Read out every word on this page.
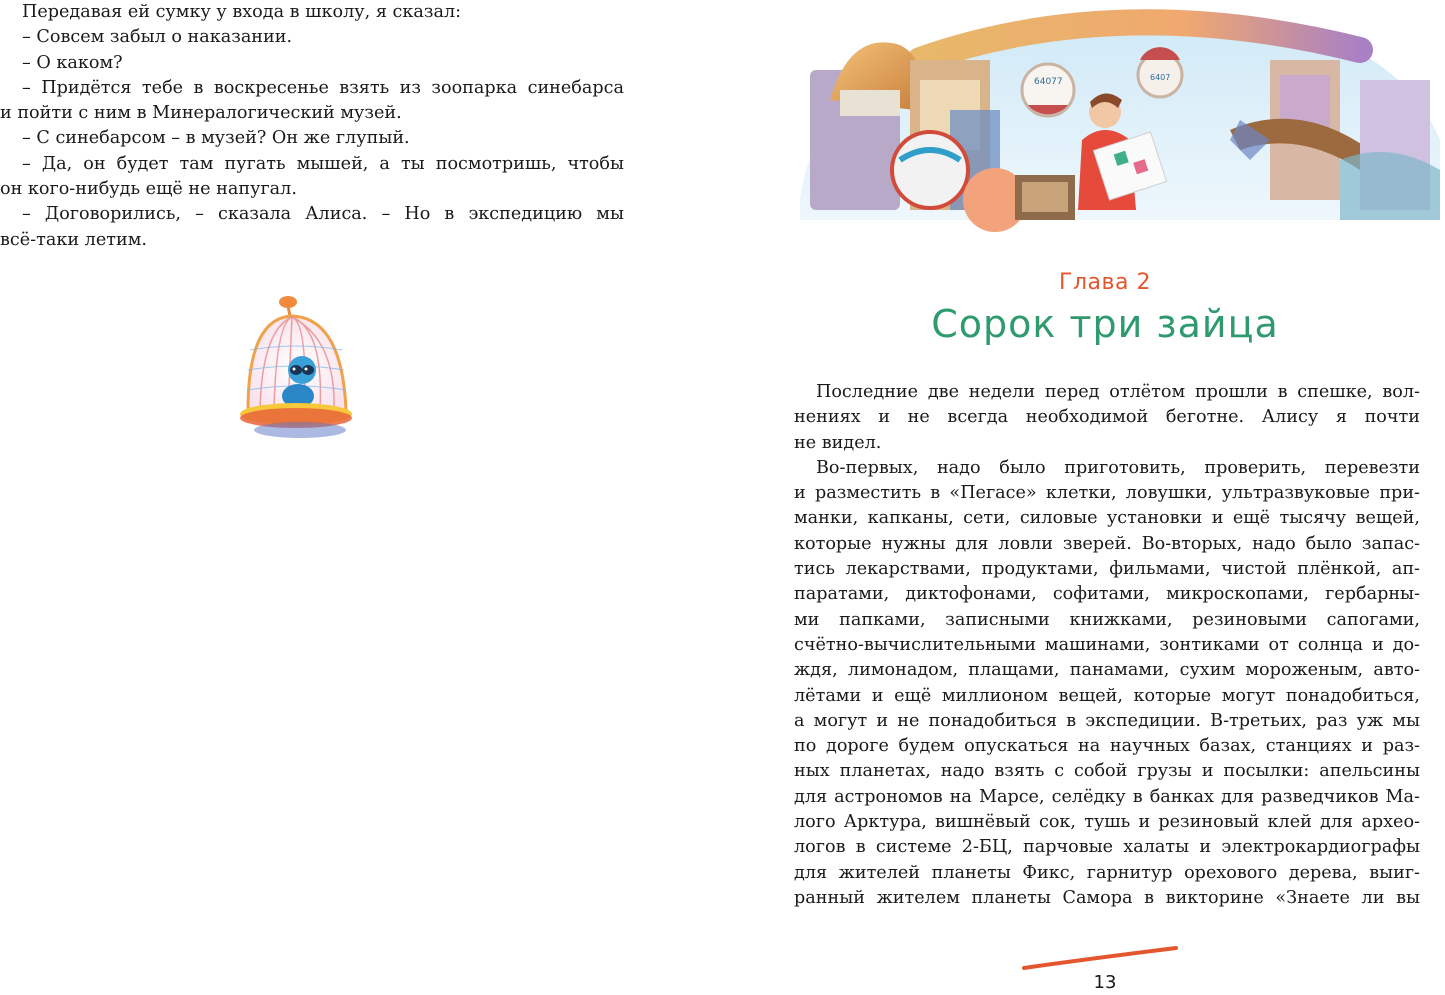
Передавая ей сумку у входа в школу, я сказал:
– Совсем забыл о наказании.
– О каком?
– Придётся тебе в воскресенье взять из зоопарка синебарса
и пойти с ним в Минералогический музей.
– С синебарсом – в музей? Он же глупый.
– Да, он будет там пугать мышей, а ты посмотришь, чтобы
он кого-нибудь ещё не напугал.
– Договорились, – сказала Алиса. – Но в экспедицию мы
всё-таки летим.
64077	6407
Глава 2
Сорок три зайца
Последние две недели перед отлётом прошли в спешке, вол-
нениях и не всегда необходимой беготне. Алису я почти
не видел.
Во-первых, надо было приготовить, проверить, перевезти
и разместить в «Пегасе» клетки, ловушки, ультразвуковые при-
манки, капканы, сети, силовые установки и ещё тысячу вещей,
которые нужны для ловли зверей. Во-вторых, надо было запас-
тись лекарствами, продуктами, фильмами, чистой плёнкой, ап-
паратами, диктофонами, софитами, микроскопами, гербарны-
ми папками, записными книжками, резиновыми сапогами,
счётно-вычислительными машинами, зонтиками от солнца и до-
ждя, лимонадом, плащами, панамами, сухим мороженым, авто-
лётами и ещё миллионом вещей, которые могут понадобиться,
а могут и не понадобиться в экспедиции. В-третьих, раз уж мы
по дороге будем опускаться на научных базах, станциях и раз-
ных планетах, надо взять с собой грузы и посылки: апельсины
для астрономов на Марсе, селёдку в банках для разведчиков Ма-
лого Арктура, вишнёвый сок, тушь и резиновый клей для архео-
логов в системе 2-БЦ, парчовые халаты и электрокардиографы
для жителей планеты Фикс, гарнитур орехового дерева, выиг-
ранный жителем планеты Самора в викторине «Знаете ли вы
13
